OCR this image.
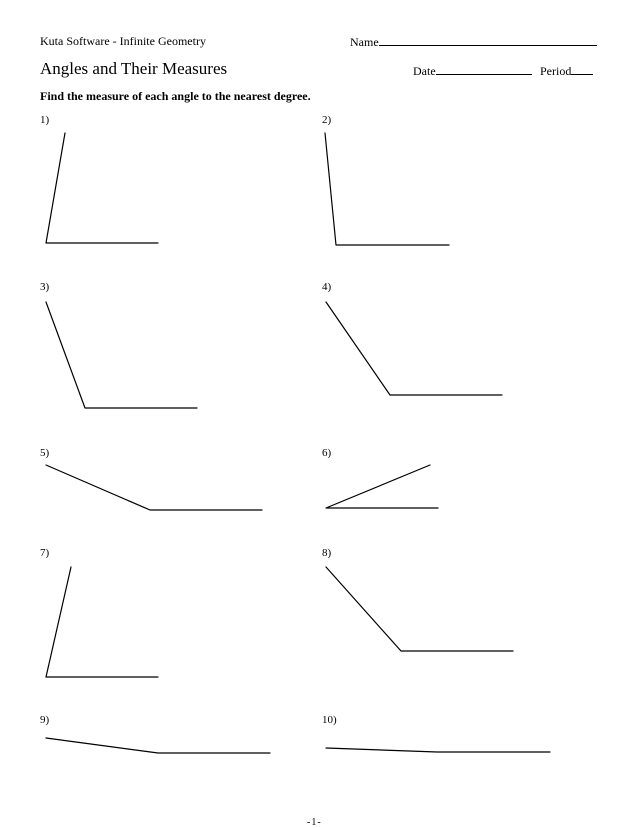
Kuta Software - Infinite Geometry	Name
Angles and Their Measures	Date	Period
Find the measure of each angle to the nearest degree.
1)	2)
3)	4)
5)	6)
7)	8)
9)	10)
-1-
